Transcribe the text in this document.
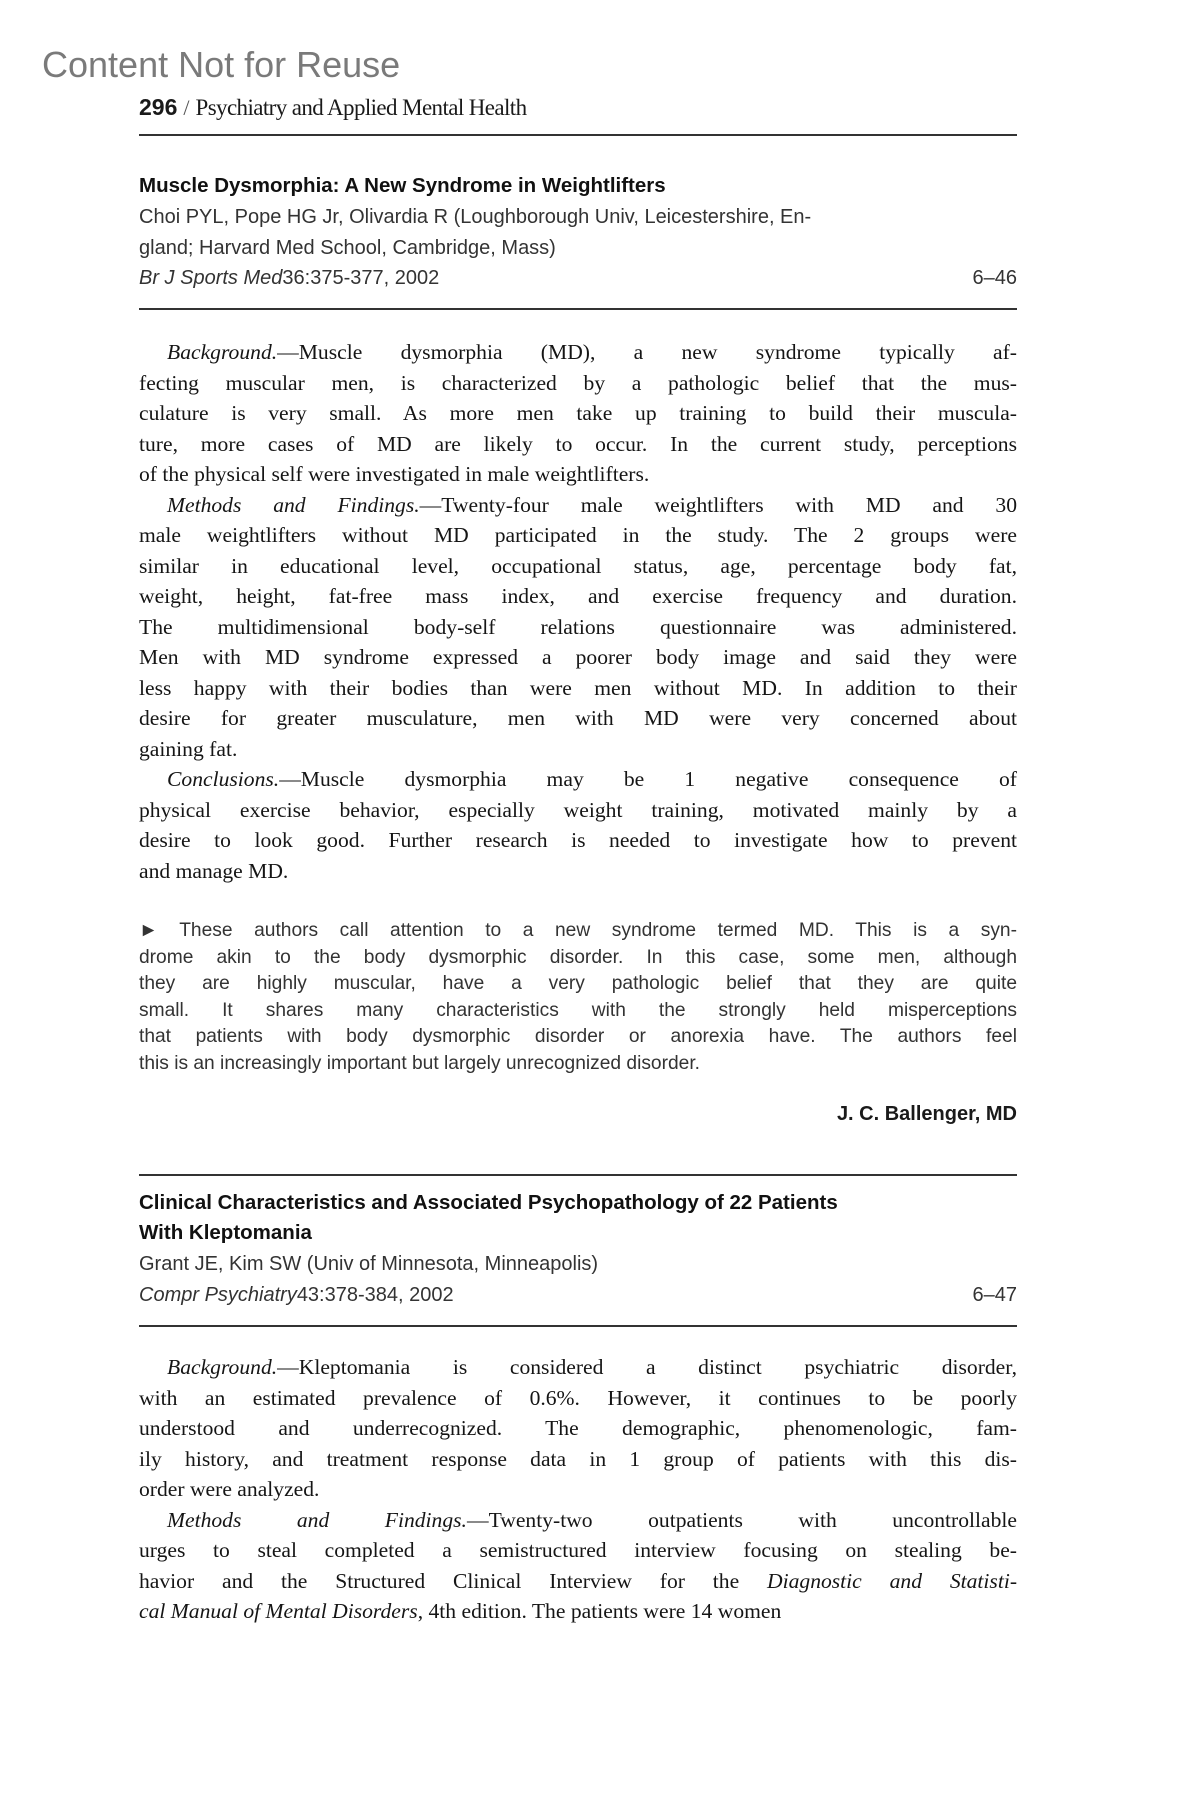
Content Not for Reuse
296 / Psychiatry and Applied Mental Health
Muscle Dysmorphia: A New Syndrome in Weightlifters
Choi PYL, Pope HG Jr, Olivardia R (Loughborough Univ, Leicestershire, En-
gland; Harvard Med School, Cambridge, Mass)
Br J Sports Med36:375-377, 2002	6–46
Background.—Muscle dysmorphia (MD), a new syndrome typically af-
fecting muscular men, is characterized by a pathologic belief that the mus-
culature is very small. As more men take up training to build their muscula-
ture, more cases of MD are likely to occur. In the current study, perceptions
of the physical self were investigated in male weightlifters.
Methods and Findings.—Twenty-four male weightlifters with MD and 30
male weightlifters without MD participated in the study. The 2 groups were
similar in educational level, occupational status, age, percentage body fat,
weight, height, fat-free mass index, and exercise frequency and duration.
The multidimensional body-self relations questionnaire was administered.
Men with MD syndrome expressed a poorer body image and said they were
less happy with their bodies than were men without MD. In addition to their
desire for greater musculature, men with MD were very concerned about
gaining fat.
Conclusions.—Muscle dysmorphia may be 1 negative consequence of
physical exercise behavior, especially weight training, motivated mainly by a
desire to look good. Further research is needed to investigate how to prevent
and manage MD.
► These authors call attention to a new syndrome termed MD. This is a syn-
drome akin to the body dysmorphic disorder. In this case, some men, although
they are highly muscular, have a very pathologic belief that they are quite
small. It shares many characteristics with the strongly held misperceptions
that patients with body dysmorphic disorder or anorexia have. The authors feel
this is an increasingly important but largely unrecognized disorder.
J. C. Ballenger, MD
Clinical Characteristics and Associated Psychopathology of 22 Patients
With Kleptomania
Grant JE, Kim SW (Univ of Minnesota, Minneapolis)
Compr Psychiatry43:378-384, 2002	6–47
Background.—Kleptomania is considered a distinct psychiatric disorder,
with an estimated prevalence of 0.6%. However, it continues to be poorly
understood and underrecognized. The demographic, phenomenologic, fam-
ily history, and treatment response data in 1 group of patients with this dis-
order were analyzed.
Methods and Findings.—Twenty-two outpatients with uncontrollable
urges to steal completed a semistructured interview focusing on stealing be-
havior and the Structured Clinical Interview for the Diagnostic and Statisti-
cal Manual of Mental Disorders, 4th edition. The patients were 14 women
